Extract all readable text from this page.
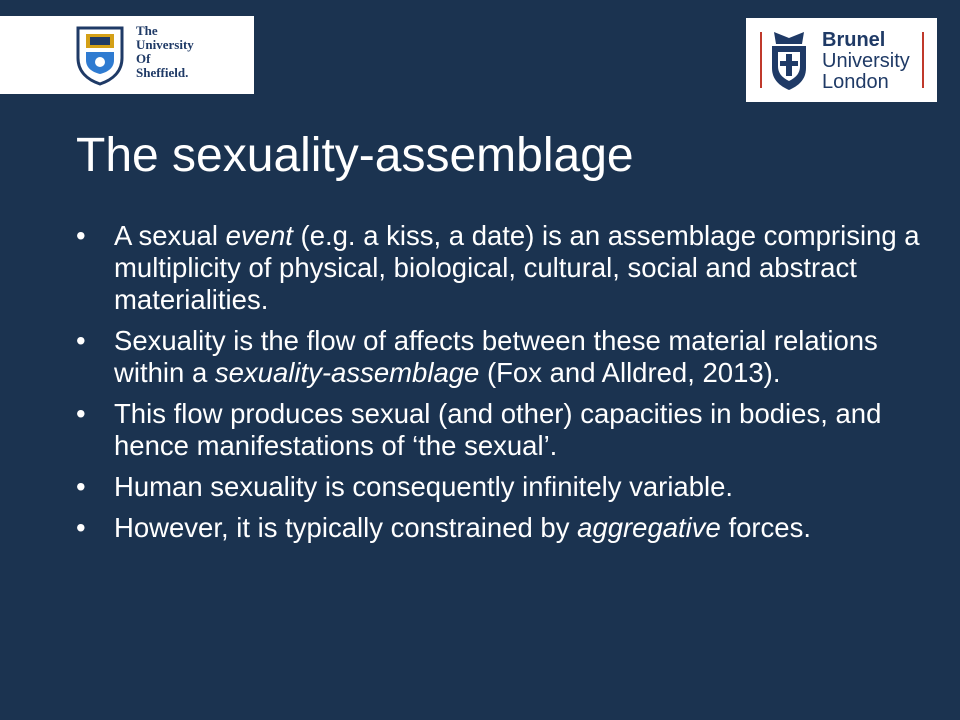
The
University
Of
Sheffield.
Brunel
University
London
The sexuality-assemblage
• A sexual event (e.g. a kiss, a date) is an assemblage comprising a multiplicity of physical, biological, cultural, social and abstract materialities.
• Sexuality is the flow of affects between these material relations within a sexuality-assemblage (Fox and Alldred, 2013).
• This flow produces sexual (and other) capacities in bodies, and hence manifestations of ‘the sexual’.
• Human sexuality is consequently infinitely variable.
• However, it is typically constrained by aggregative forces.
